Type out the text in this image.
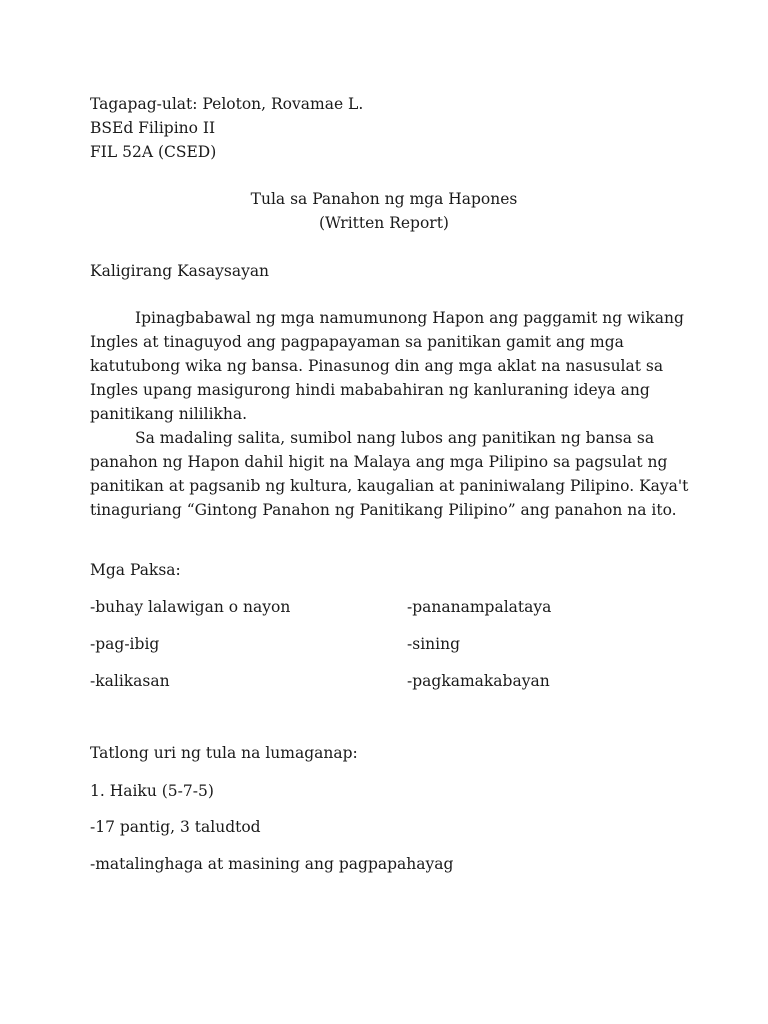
Tagapag-ulat: Peloton, Rovamae L.
BSEd Filipino II
FIL 52A (CSED)
Tula sa Panahon ng mga Hapones
(Written Report)
Kaligirang Kasaysayan
Ipinagbabawal ng mga namumunong Hapon ang paggamit ng wikang
Ingles at tinaguyod ang pagpapayaman sa panitikan gamit ang mga
katutubong wika ng bansa. Pinasunog din ang mga aklat na nasusulat sa
Ingles upang masigurong hindi mababahiran ng kanluraning ideya ang
panitikang nililikha.
Sa madaling salita, sumibol nang lubos ang panitikan ng bansa sa
panahon ng Hapon dahil higit na Malaya ang mga Pilipino sa pagsulat ng
panitikan at pagsanib ng kultura, kaugalian at paniniwalang Pilipino. Kaya't
tinaguriang “Gintong Panahon ng Panitikang Pilipino” ang panahon na ito.
Mga Paksa:
-buhay lalawigan o nayon	-pananampalataya
-pag-ibig	-sining
-kalikasan	-pagkamakabayan
Tatlong uri ng tula na lumaganap:
1. Haiku (5-7-5)
-17 pantig, 3 taludtod
-matalinghaga at masining ang pagpapahayag
